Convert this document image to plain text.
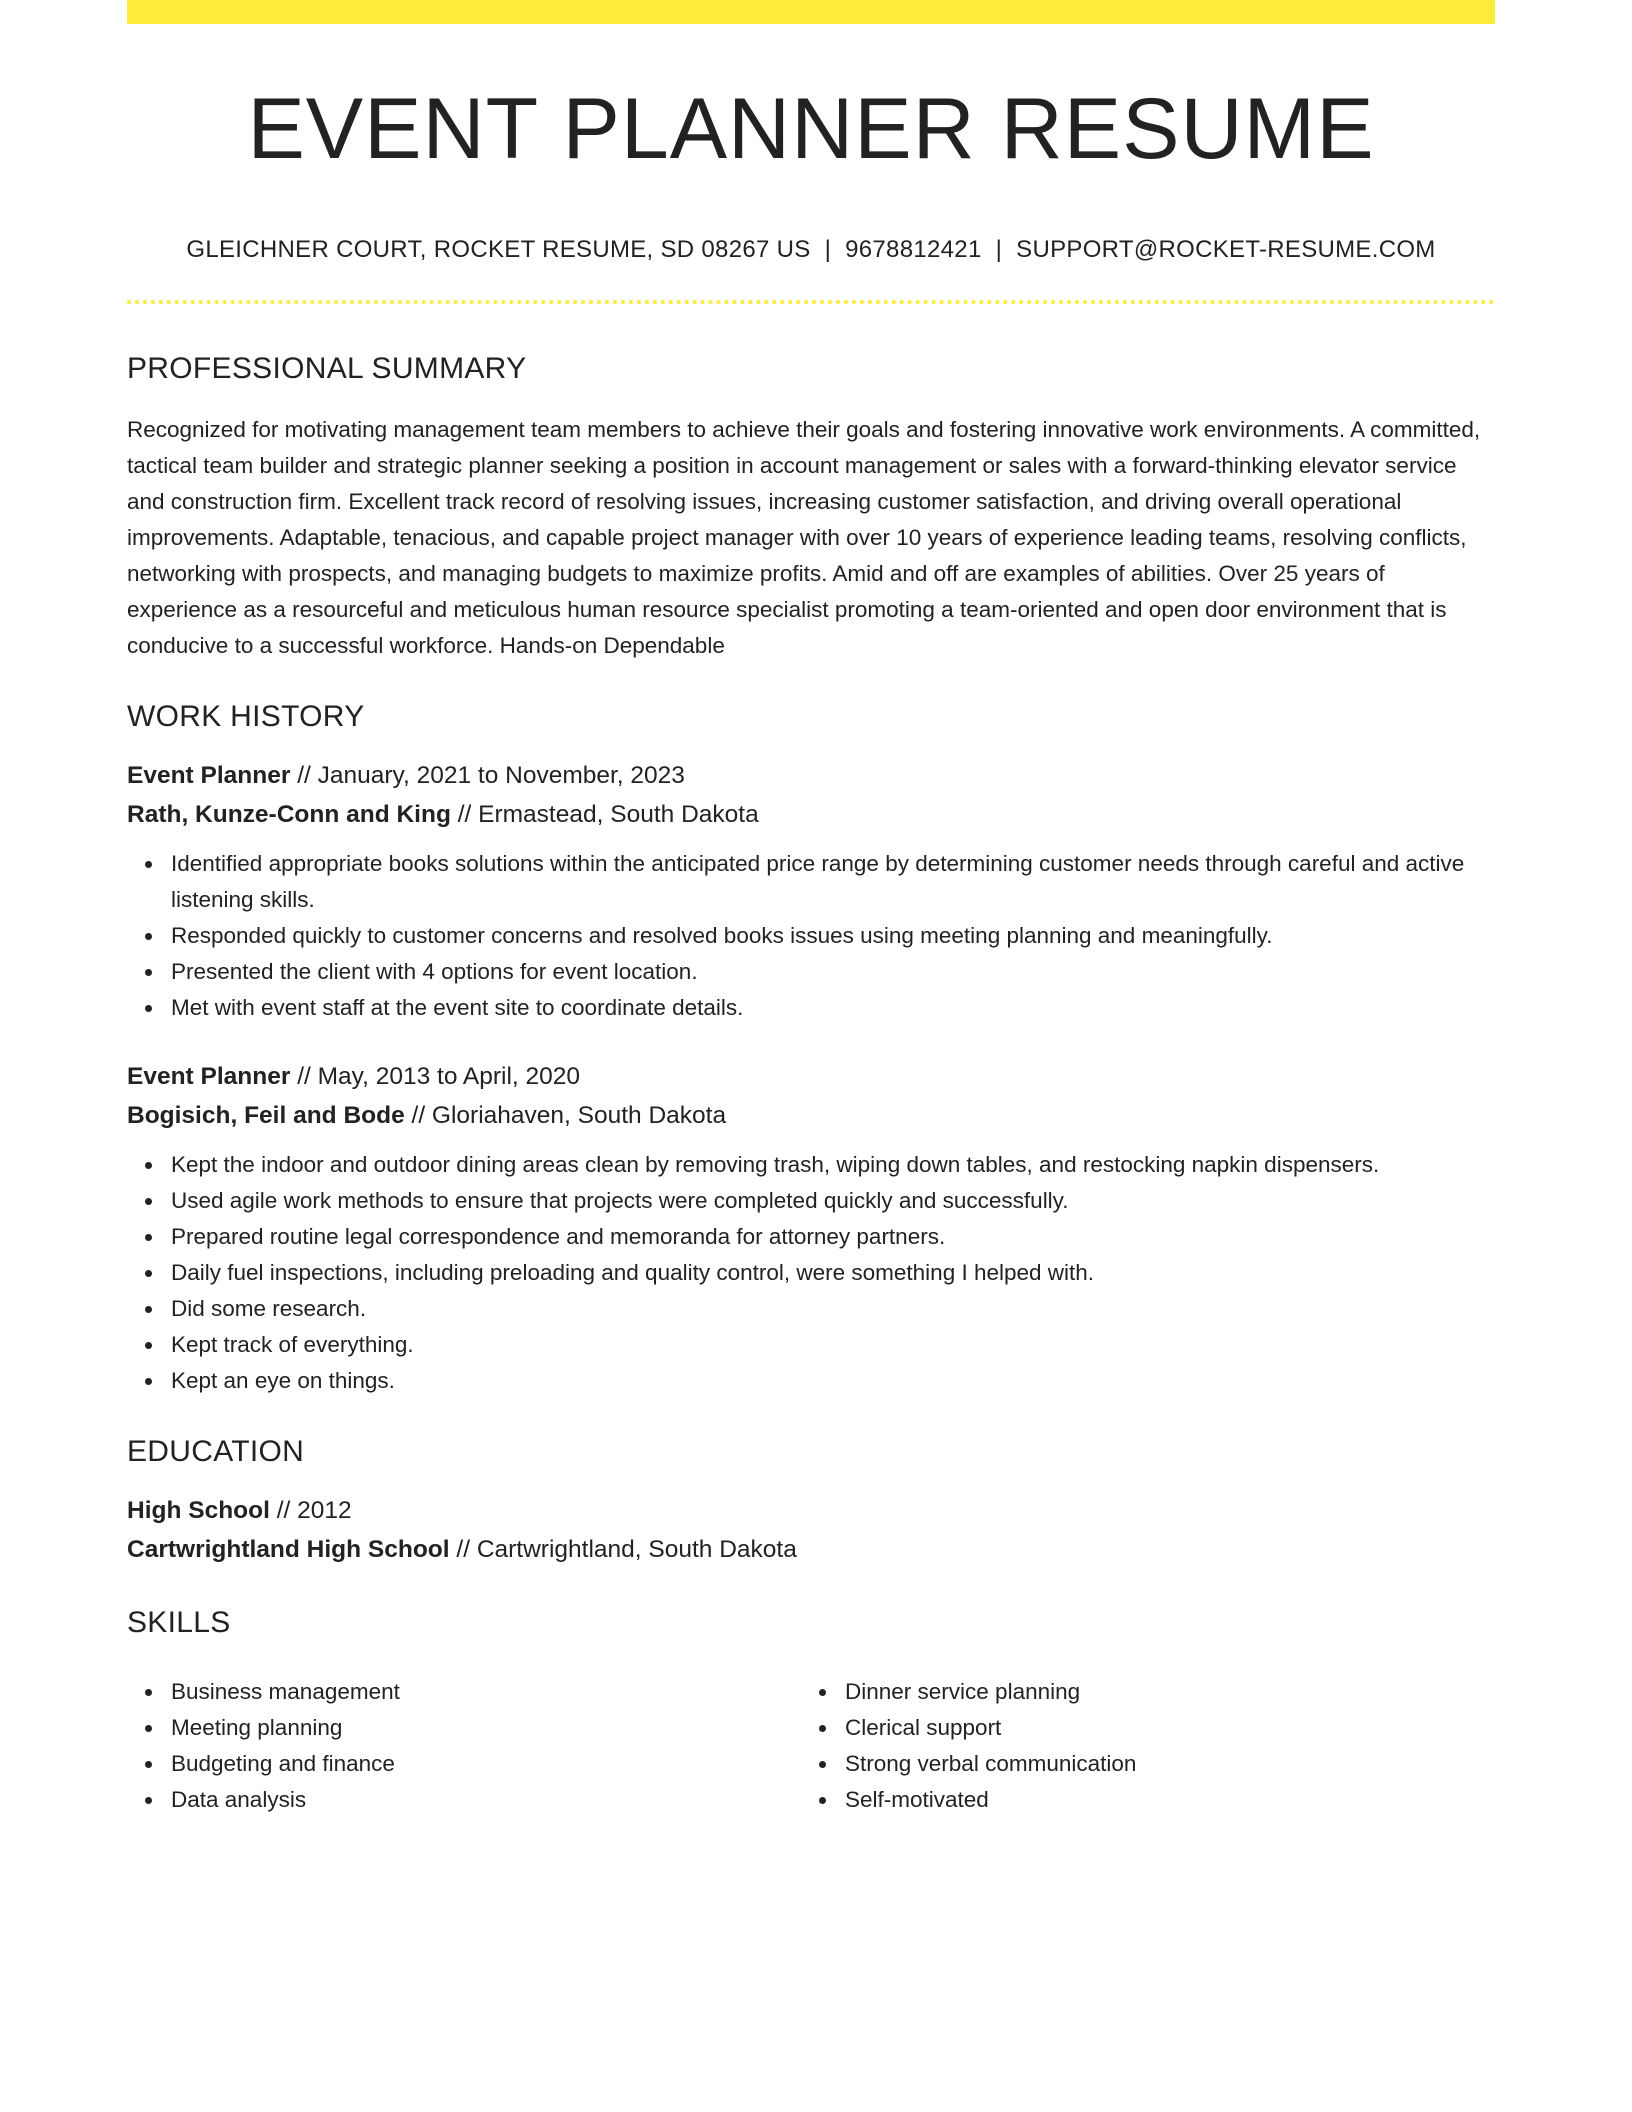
EVENT PLANNER RESUME
GLEICHNER COURT, ROCKET RESUME, SD 08267 US | 9678812421 | SUPPORT@ROCKET-RESUME.COM
PROFESSIONAL SUMMARY

Recognized for motivating management team members to achieve their goals and fostering innovative work environments. A committed, tactical team builder and strategic planner seeking a position in account management or sales with a forward-thinking elevator service and construction firm. Excellent track record of resolving issues, increasing customer satisfaction, and driving overall operational improvements. Adaptable, tenacious, and capable project manager with over 10 years of experience leading teams, resolving conflicts, networking with prospects, and managing budgets to maximize profits. Amid and off are examples of abilities. Over 25 years of experience as a resourceful and meticulous human resource specialist promoting a team-oriented and open door environment that is conducive to a successful workforce. Hands-on Dependable

WORK HISTORY
Event Planner // January, 2021 to November, 2023
Rath, Kunze-Conn and King // Ermastead, South Dakota
Identified appropriate books solutions within the anticipated price range by determining customer needs through careful and active listening skills.
Responded quickly to customer concerns and resolved books issues using meeting planning and meaningfully.
Presented the client with 4 options for event location.
Met with event staff at the event site to coordinate details.
Event Planner // May, 2013 to April, 2020
Bogisich, Feil and Bode // Gloriahaven, South Dakota
Kept the indoor and outdoor dining areas clean by removing trash, wiping down tables, and restocking napkin dispensers.
Used agile work methods to ensure that projects were completed quickly and successfully.
Prepared routine legal correspondence and memoranda for attorney partners.
Daily fuel inspections, including preloading and quality control, were something I helped with.
Did some research.
Kept track of everything.
Kept an eye on things.
EDUCATION
High School // 2012
Cartwrightland High School // Cartwrightland, South Dakota
SKILLS
Business management
Meeting planning
Budgeting and finance
Data analysis
Dinner service planning
Clerical support
Strong verbal communication
Self-motivated
